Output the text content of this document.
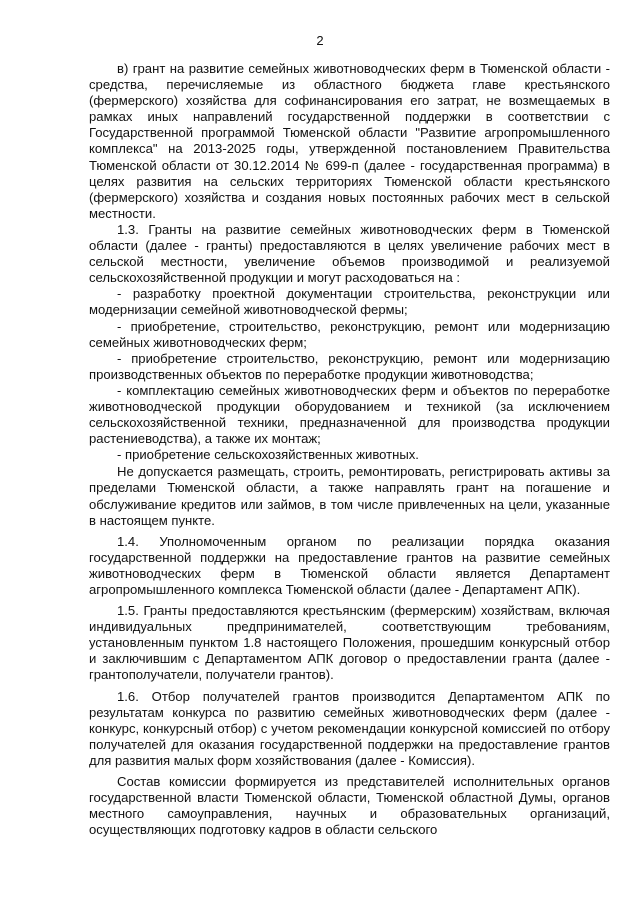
2

в) грант на развитие семейных животноводческих ферм в Тюменской области - средства, перечисляемые из областного бюджета главе крестьянского (фермерского) хозяйства для софинансирования его затрат, не возмещаемых в рамках иных направлений государственной поддержки в соответствии с Государственной программой Тюменской области "Развитие агропромышленного комплекса" на 2013-2025 годы, утвержденной постановлением Правительства Тюменской области от 30.12.2014 № 699-п (далее - государственная программа) в целях развития на сельских территориях Тюменской области крестьянского (фермерского) хозяйства и создания новых постоянных рабочих мест в сельской местности.

1.3. Гранты на развитие семейных животноводческих ферм в Тюменской области (далее - гранты) предоставляются в целях увеличение рабочих мест в сельской местности, увеличение объемов производимой и реализуемой сельскохозяйственной продукции и могут расходоваться на :

- разработку проектной документации строительства, реконструкции или модернизации семейной животноводческой фермы;

- приобретение, строительство, реконструкцию, ремонт или модернизацию семейных животноводческих ферм;

- приобретение строительство, реконструкцию, ремонт или модернизацию производственных объектов по переработке продукции животноводства;

- комплектацию семейных животноводческих ферм и объектов по переработке животноводческой продукции оборудованием и техникой (за исключением сельскохозяйственной техники, предназначенной для производства продукции растениеводства), а также их монтаж;

- приобретение сельскохозяйственных животных.

Не допускается размещать, строить, ремонтировать, регистрировать активы за пределами Тюменской области, а также направлять грант на погашение и обслуживание кредитов или займов, в том числе привлеченных на цели, указанные в настоящем пункте.

1.4. Уполномоченным органом по реализации порядка оказания государственной поддержки на предоставление грантов на развитие семейных животноводческих ферм в Тюменской области является Департамент агропромышленного комплекса Тюменской области (далее - Департамент АПК).

1.5. Гранты предоставляются крестьянским (фермерским) хозяйствам, включая индивидуальных предпринимателей, соответствующим требованиям, установленным пунктом 1.8 настоящего Положения, прошедшим конкурсный отбор и заключившим с Департаментом АПК договор о предоставлении гранта (далее - грантополучатели, получатели грантов).

1.6. Отбор получателей грантов производится Департаментом АПК по результатам конкурса по развитию семейных животноводческих ферм (далее - конкурс, конкурсный отбор) с учетом рекомендации конкурсной комиссией по отбору получателей для оказания государственной поддержки на предоставление грантов для развития малых форм хозяйствования (далее - Комиссия).

Состав комиссии формируется из представителей исполнительных органов государственной власти Тюменской области, Тюменской областной Думы, органов местного самоуправления, научных и образовательных организаций, осуществляющих подготовку кадров в области сельского
